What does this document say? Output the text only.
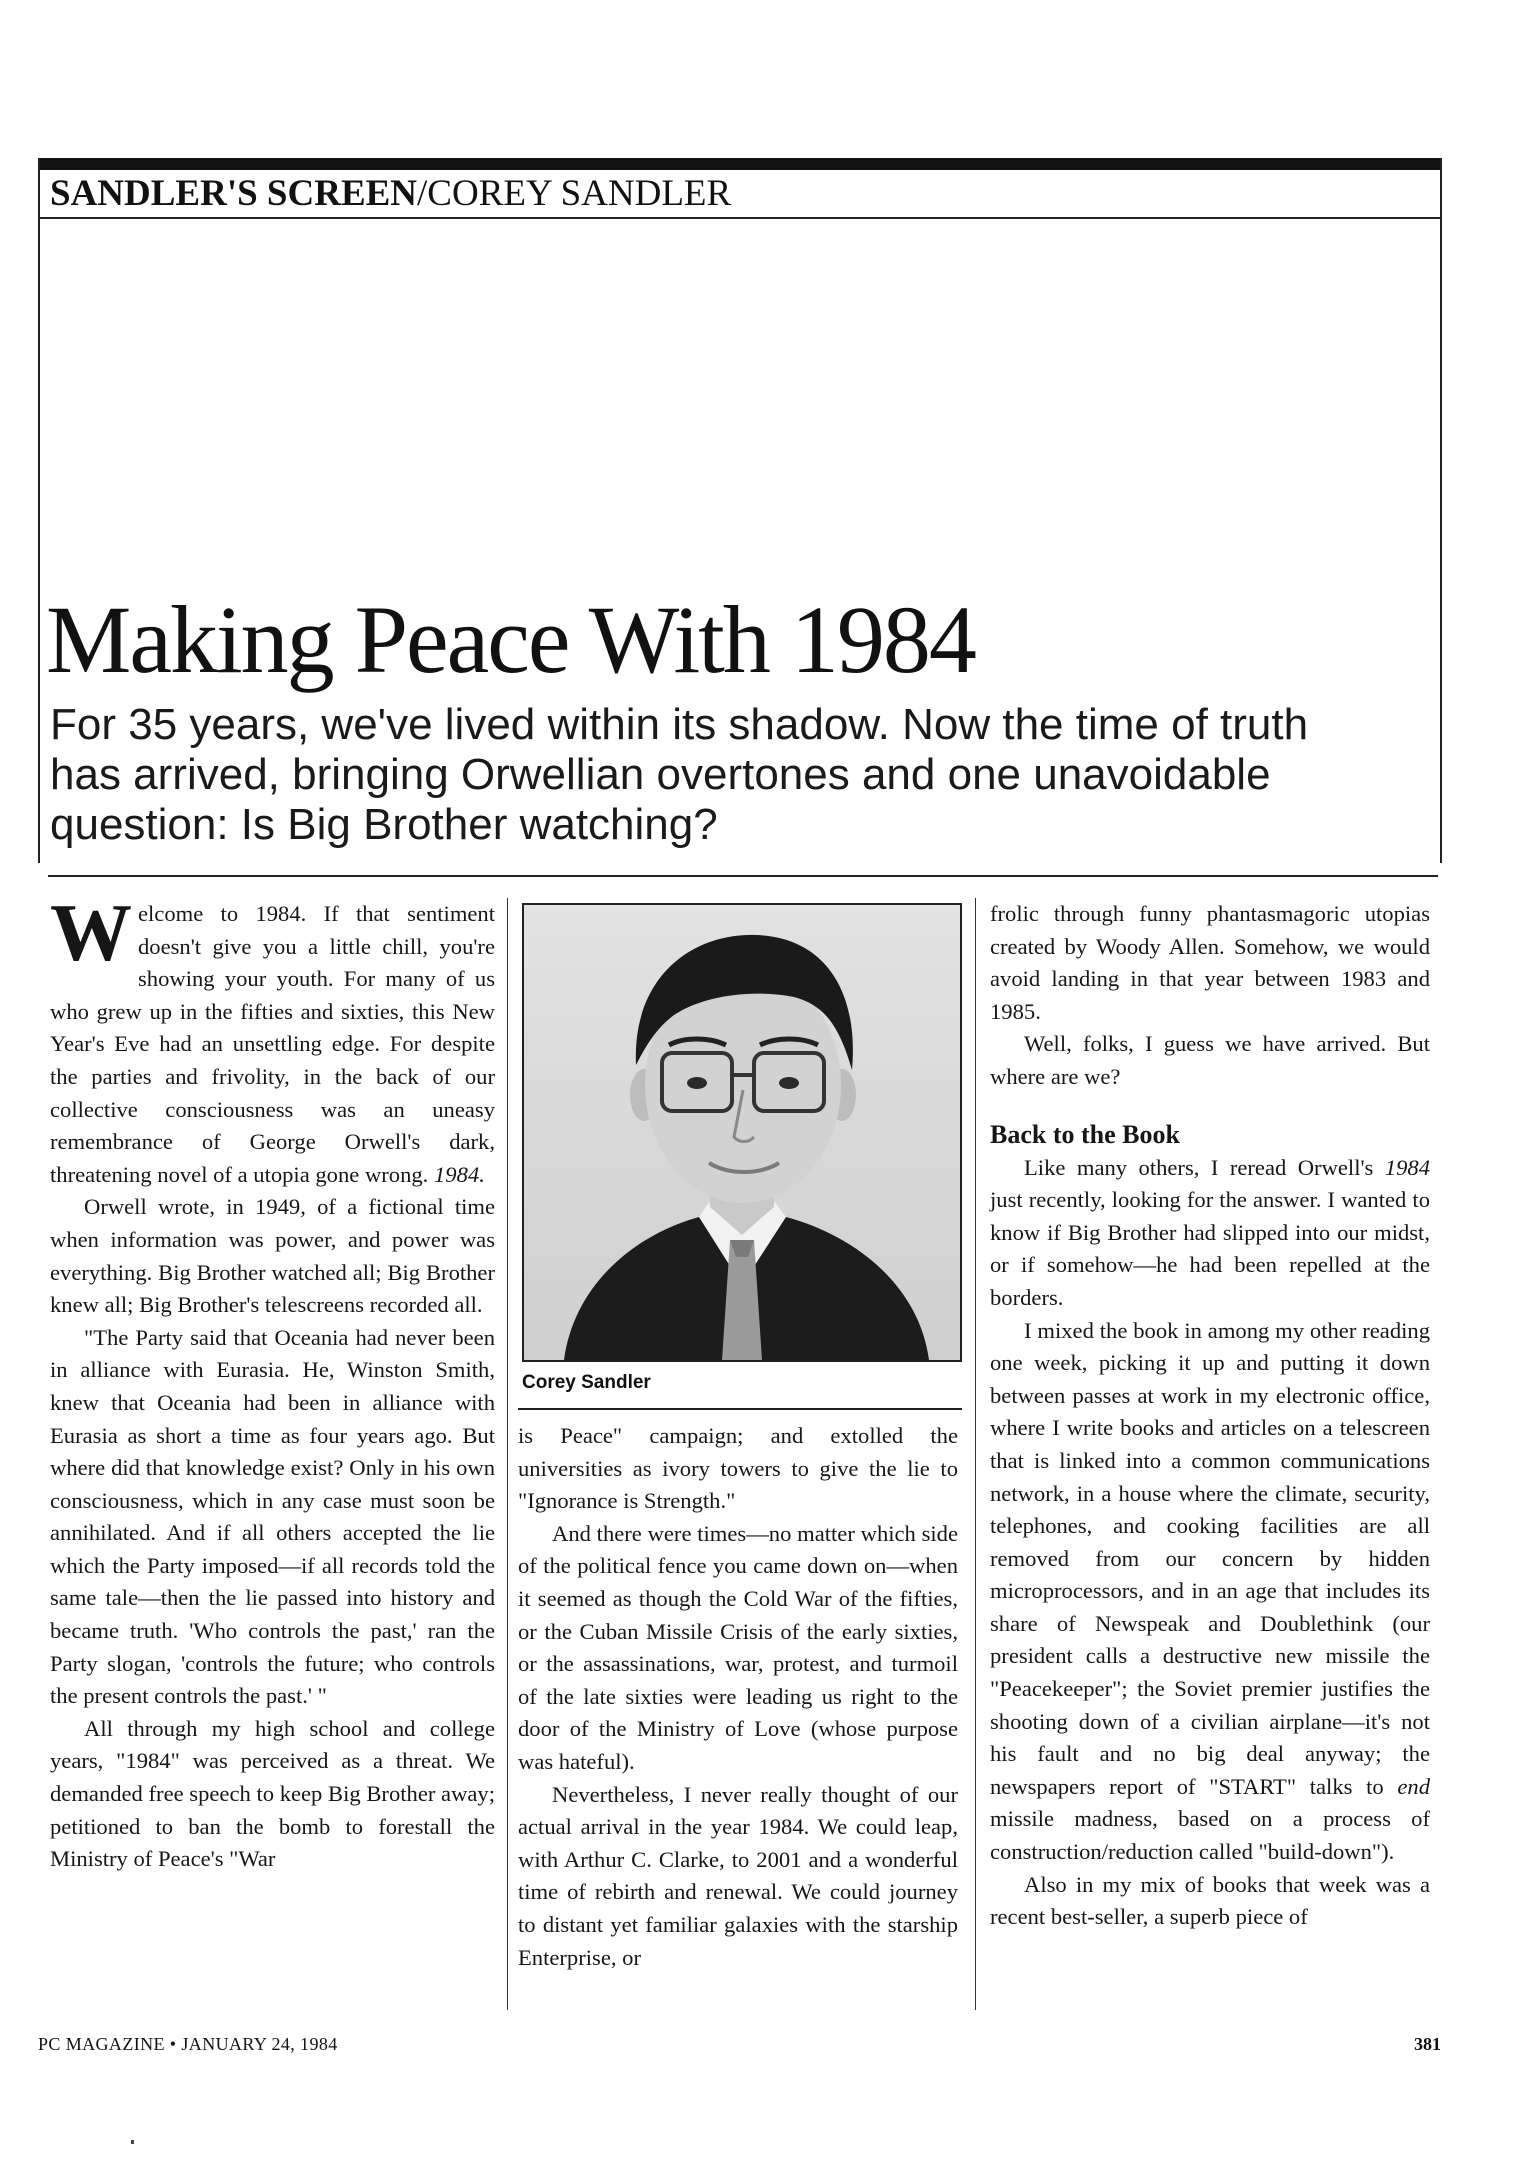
SANDLER'S SCREEN/COREY SANDLER
Making Peace With 1984
For 35 years, we've lived within its shadow. Now the time of truth has arrived, bringing Orwellian overtones and one unavoidable question: Is Big Brother watching?

Welcome to 1984. If that sentiment doesn't give you a little chill, you're showing your youth. For many of us who grew up in the fifties and sixties, this New Year's Eve had an unsettling edge. For despite the parties and frivolity, in the back of our collective consciousness was an uneasy remembrance of George Orwell's dark, threatening novel of a utopia gone wrong. 1984.

Orwell wrote, in 1949, of a fictional time when information was power, and power was everything. Big Brother watched all; Big Brother knew all; Big Brother's telescreens recorded all.

"The Party said that Oceania had never been in alliance with Eurasia. He, Winston Smith, knew that Oceania had been in alliance with Eurasia as short a time as four years ago. But where did that knowledge exist? Only in his own consciousness, which in any case must soon be annihilated. And if all others accepted the lie which the Party imposed—if all records told the same tale—then the lie passed into history and became truth. 'Who controls the past,' ran the Party slogan, 'controls the future; who controls the present controls the past.' "

All through my high school and college years, "1984" was perceived as a threat. We demanded free speech to keep Big Brother away; petitioned to ban the bomb to forestall the Ministry of Peace's "War

Corey Sandler

is Peace" campaign; and extolled the universities as ivory towers to give the lie to "Ignorance is Strength."

And there were times—no matter which side of the political fence you came down on—when it seemed as though the Cold War of the fifties, or the Cuban Missile Crisis of the early sixties, or the assassinations, war, protest, and turmoil of the late sixties were leading us right to the door of the Ministry of Love (whose purpose was hateful).

Nevertheless, I never really thought of our actual arrival in the year 1984. We could leap, with Arthur C. Clarke, to 2001 and a wonderful time of rebirth and renewal. We could journey to distant yet familiar galaxies with the starship Enterprise, or

frolic through funny phantasmagoric utopias created by Woody Allen. Somehow, we would avoid landing in that year between 1983 and 1985.

Well, folks, I guess we have arrived. But where are we?

Back to the Book

Like many others, I reread Orwell's 1984 just recently, looking for the answer. I wanted to know if Big Brother had slipped into our midst, or if somehow—he had been repelled at the borders.

I mixed the book in among my other reading one week, picking it up and putting it down between passes at work in my electronic office, where I write books and articles on a telescreen that is linked into a common communications network, in a house where the climate, security, telephones, and cooking facilities are all removed from our concern by hidden microprocessors, and in an age that includes its share of Newspeak and Doublethink (our president calls a destructive new missile the "Peacekeeper"; the Soviet premier justifies the shooting down of a civilian airplane—it's not his fault and no big deal anyway; the newspapers report of "START" talks to end missile madness, based on a process of construction/reduction called "build-down").

Also in my mix of books that week was a recent best-seller, a superb piece of

PC MAGAZINE • JANUARY 24, 1984	381
